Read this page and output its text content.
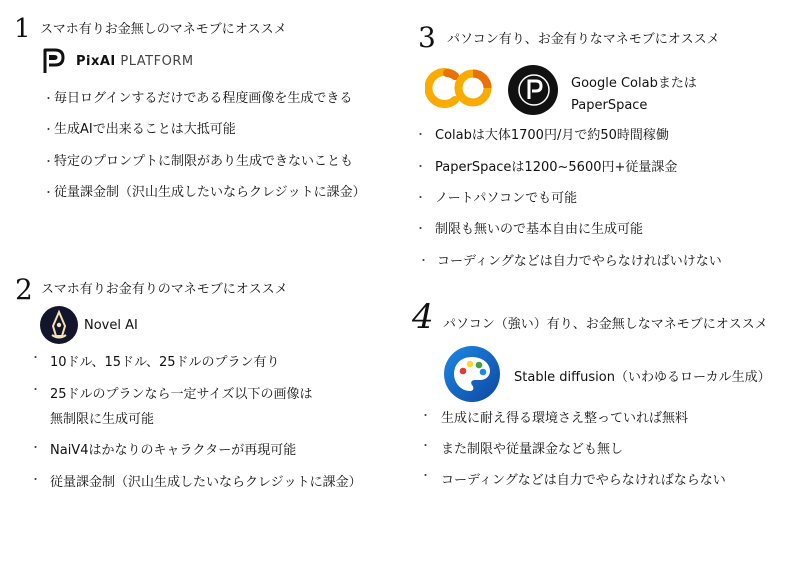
1 スマホ有りお金無しのマネモブにオススメ
PixAI PLATFORM
・ 毎日ログインするだけである程度画像を生成できる
・ 生成AIで出来ることは大抵可能
・ 特定のプロンプトに制限があり生成できないことも
・ 従量課金制（沢山生成したいならクレジットに課金）
2 スマホ有りお金有りのマネモブにオススメ
Novel AI
・ 10ドル、15ドル、25ドルのプラン有り
・ 25ドルのプランなら一定サイズ以下の画像は
無制限に生成可能
・ NaiV4はかなりのキャラクターが再現可能
・ 従量課金制（沢山生成したいならクレジットに課金）
3 パソコン有り、お金有りなマネモブにオススメ
Google Colabまたは
PaperSpace
・ Colabは大体1700円/月で約50時間稼働
・ PaperSpaceは1200~5600円+従量課金
・ ノートパソコンでも可能
・ 制限も無いので基本自由に生成可能
・ コーディングなどは自力でやらなければいけない
4 パソコン（強い）有り、お金無しなマネモブにオススメ
Stable diffusion（いわゆるローカル生成）
・ 生成に耐え得る環境さえ整っていれば無料
・ また制限や従量課金なども無し
・ コーディングなどは自力でやらなければならない
